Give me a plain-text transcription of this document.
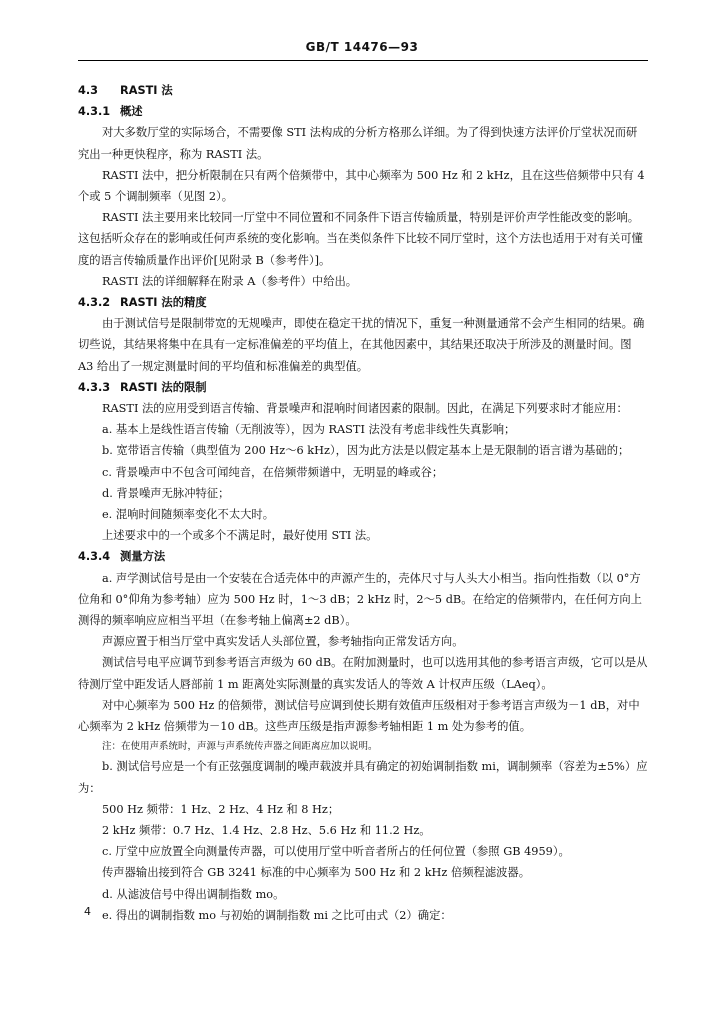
GB/T 14476—93

4.3 RASTI 法

4.3.1 概述

对大多数厅堂的实际场合，不需要像 STI 法构成的分析方格那么详细。为了得到快速方法评价厅堂状况而研究出一种更快程序，称为 RASTI 法。

RASTI 法中，把分析限制在只有两个倍频带中，其中心频率为 500 Hz 和 2 kHz，且在这些倍频带中只有 4 个或 5 个调制频率（见图 2）。

RASTI 法主要用来比较同一厅堂中不同位置和不同条件下语言传输质量，特别是评价声学性能改变的影响。这包括听众存在的影响或任何声系统的变化影响。当在类似条件下比较不同厅堂时，这个方法也适用于对有关可懂度的语言传输质量作出评价[见附录 B（参考件）]。

RASTI 法的详细解释在附录 A（参考件）中给出。

4.3.2 RASTI 法的精度

由于测试信号是限制带宽的无规噪声，即使在稳定干扰的情况下，重复一种测量通常不会产生相同的结果。确切些说，其结果将集中在具有一定标准偏差的平均值上，在其他因素中，其结果还取决于所涉及的测量时间。图 A3 给出了一规定测量时间的平均值和标准偏差的典型值。

4.3.3 RASTI 法的限制

RASTI 法的应用受到语言传输、背景噪声和混响时间诸因素的限制。因此，在满足下列要求时才能应用：

a. 基本上是线性语言传输（无削波等），因为 RASTI 法没有考虑非线性失真影响；

b. 宽带语言传输（典型值为 200 Hz～6 kHz），因为此方法是以假定基本上是无限制的语言谱为基础的；

c. 背景噪声中不包含可闻纯音，在倍频带频谱中，无明显的峰或谷；

d. 背景噪声无脉冲特征；

e. 混响时间随频率变化不太大时。

上述要求中的一个或多个不满足时，最好使用 STI 法。

4.3.4 测量方法

a. 声学测试信号是由一个安装在合适壳体中的声源产生的，壳体尺寸与人头大小相当。指向性指数（以 0°方位角和 0°仰角为参考轴）应为 500 Hz 时，1～3 dB；2 kHz 时，2～5 dB。在给定的倍频带内，在任何方向上测得的频率响应应相当平坦（在参考轴上偏离±2 dB）。

声源应置于相当厅堂中真实发话人头部位置，参考轴指向正常发话方向。

测试信号电平应调节到参考语言声级为 60 dB。在附加测量时，也可以选用其他的参考语言声级，它可以是从待测厅堂中距发话人唇部前 1 m 距离处实际测量的真实发话人的等效 A 计权声压级（LAeq）。

对中心频率为 500 Hz 的倍频带，测试信号应调到使长期有效值声压级相对于参考语言声级为－1 dB，对中心频率为 2 kHz 倍频带为－10 dB。这些声压级是指声源参考轴相距 1 m 处为参考的值。

注：在使用声系统时，声源与声系统传声器之间距离应加以说明。

b. 测试信号应是一个有正弦强度调制的噪声载波并具有确定的初始调制指数 mi，调制频率（容差为±5%）应为：

500 Hz 频带：1 Hz、2 Hz、4 Hz 和 8 Hz；

2 kHz 频带：0.7 Hz、1.4 Hz、2.8 Hz、5.6 Hz 和 11.2 Hz。

c. 厅堂中应放置全向测量传声器，可以使用厅堂中听音者所占的任何位置（参照 GB 4959）。

传声器输出接到符合 GB 3241 标准的中心频率为 500 Hz 和 2 kHz 倍频程滤波器。

d. 从滤波信号中得出调制指数 mo。

e. 得出的调制指数 mo 与初始的调制指数 mi 之比可由式（2）确定：

4
